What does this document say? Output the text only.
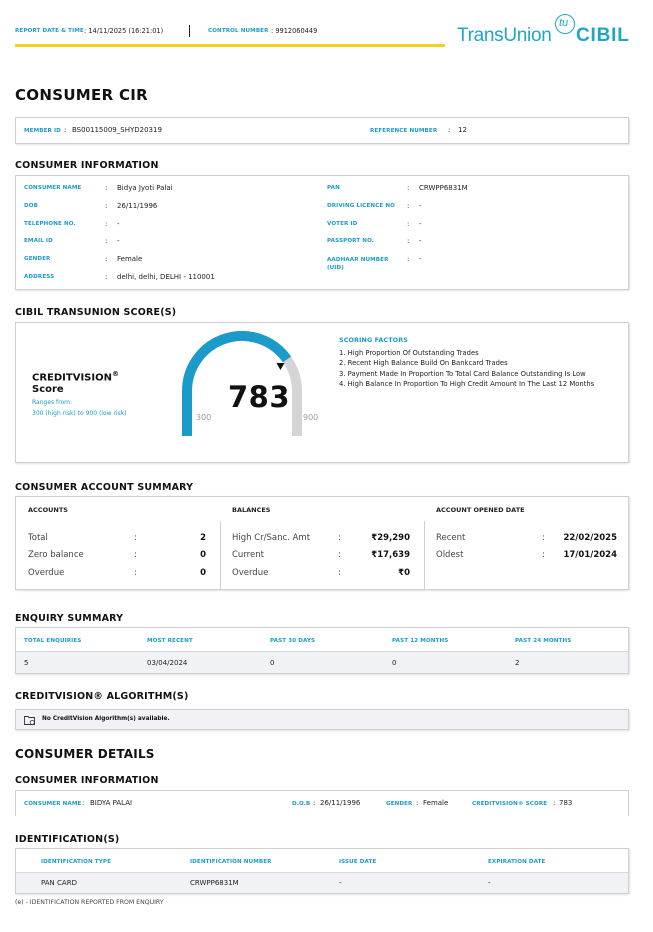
REPORT DATE & TIME : 14/11/2025 (16:21:01)	CONTROL NUMBER : 9912060449	TransUnion
tu
CIBIL
CONSUMER CIR
MEMBER ID : BS00115009_SHYD20319	REFERENCE NUMBER : 12
CONSUMER INFORMATION
CONSUMER NAME	: Bidya Jyoti Palai
DOB	: 26/11/1996
TELEPHONE NO.	: -
EMAIL ID	: -
GENDER	: Female
ADDRESS	: delhi, delhi, DELHI - 110001
PAN	: CRWPP6831M
DRIVING LICENCE NO : -
VOTER ID	: -
PASSPORT NO.	: -
AADHAAR NUMBER (UID)
: -
CIBIL TRANSUNION SCORE(S)
CREDITVISION®
Score
Ranges from:
300 (high risk) to 900 (low risk)	783
300	900
SCORING FACTORS
1. High Proportion Of Outstanding Trades
2. Recent High Balance Build On Bankcard Trades
3. Payment Made In Proportion To Total Card Balance Outstanding Is Low
4. High Balance In Proportion To High Credit Amount In The Last 12 Months
CONSUMER ACCOUNT SUMMARY
ACCOUNTS
Total	:	2
Zero balance	:	0
Overdue	:	0
BALANCES
High Cr/Sanc. Amt	:	₹29,290
Current	:	₹17,639
Overdue	:	₹0
ACCOUNT OPENED DATE
Recent	:	22/02/2025
Oldest	:	17/01/2024
ENQUIRY SUMMARY
TOTAL ENQUIRIES	MOST RECENT	PAST 30 DAYS	PAST 12 MONTHS	PAST 24 MONTHS
5	03/04/2024	0	0	2
CREDITVISION® ALGORITHM(S)
No CreditVision Algorithm(s) available.
CONSUMER DETAILS
CONSUMER INFORMATION
CONSUMER NAME : BIDYA PALAI	D.O.B : 26/11/1996	GENDER : Female	CREDITVISION® SCORE : 783
IDENTIFICATION(S)
IDENTIFICATION TYPE	IDENTIFICATION NUMBER	ISSUE DATE	EXPIRATION DATE
PAN CARD	CRWPP6831M	-	-
(e) - IDENTIFICATION REPORTED FROM ENQUIRY
